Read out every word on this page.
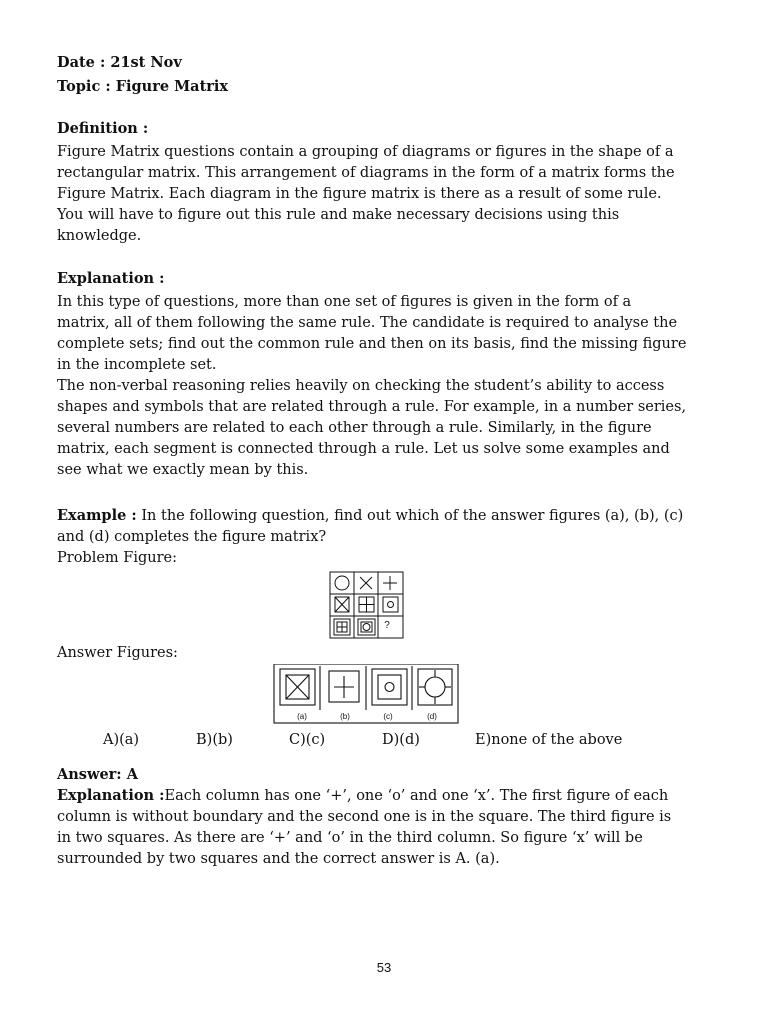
Date : 21st Nov

Topic : Figure Matrix

Definition :

Figure Matrix questions contain a grouping of diagrams or figures in the shape of a rectangular matrix. This arrangement of diagrams in the form of a matrix forms the Figure Matrix. Each diagram in the figure matrix is there as a result of some rule. You will have to figure out this rule and make necessary decisions using this knowledge.

Explanation :

In this type of questions, more than one set of figures is given in the form of a matrix, all of them following the same rule. The candidate is required to analyse the complete sets; find out the common rule and then on its basis, find the missing figure in the incomplete set.

The non-verbal reasoning relies heavily on checking the student’s ability to access shapes and symbols that are related through a rule. For example, in a number series, several numbers are related to each other through a rule. Similarly, in the figure matrix, each segment is connected through a rule. Let us solve some examples and see what we exactly mean by this.

Example : In the following question, find out which of the answer figures (a), (b), (c) and (d) completes the figure matrix?

Problem Figure:

?

Answer Figures:

(a)	(b)	(c)	(d)
A)(a)	B)(b)	C)(c)	D)(d)	E)none of the above

Answer: A

Explanation :Each column has one ‘+’, one ‘o’ and one ‘x’. The first figure of each column is without boundary and the second one is in the square. The third figure is in two squares. As there are ‘+’ and ‘o’ in the third column. So figure ‘x’ will be surrounded by two squares and the correct answer is A. (a).

53
